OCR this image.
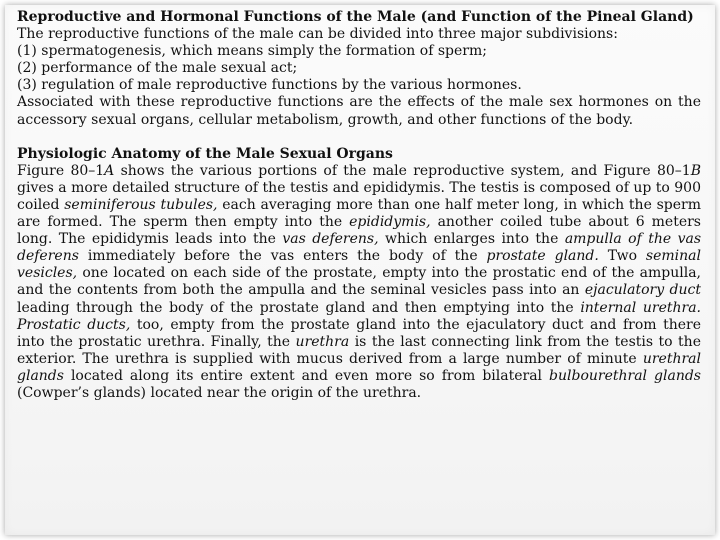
Reproductive and Hormonal Functions of the Male (and Function of the Pineal Gland)

The reproductive functions of the male can be divided into three major subdivisions:

(1) spermatogenesis, which means simply the formation of sperm;

(2) performance of the male sexual act;

(3) regulation of male reproductive functions by the various hormones.

Associated with these reproductive functions are the effects of the male sex hormones on the accessory sexual organs, cellular metabolism, growth, and other functions of the body.

Physiologic Anatomy of the Male Sexual Organs

Figure 80–1A shows the various portions of the male reproductive system, and Figure 80–1B gives a more detailed structure of the testis and epididymis. The testis is composed of up to 900 coiled seminiferous tubules, each averaging more than one half meter long, in which the sperm are formed. The sperm then empty into the epididymis, another coiled tube about 6 meters long. The epididymis leads into the vas deferens, which enlarges into the ampulla of the vas deferens immediately before the vas enters the body of the prostate gland. Two seminal vesicles, one located on each side of the prostate, empty into the prostatic end of the ampulla, and the contents from both the ampulla and the seminal vesicles pass into an ejaculatory duct leading through the body of the prostate gland and then emptying into the internal urethra. Prostatic ducts, too, empty from the prostate gland into the ejaculatory duct and from there into the prostatic urethra. Finally, the urethra is the last connecting link from the testis to the exterior. The urethra is supplied with mucus derived from a large number of minute urethral glands located along its entire extent and even more so from bilateral bulbourethral glands (Cowper’s glands) located near the origin of the urethra.
